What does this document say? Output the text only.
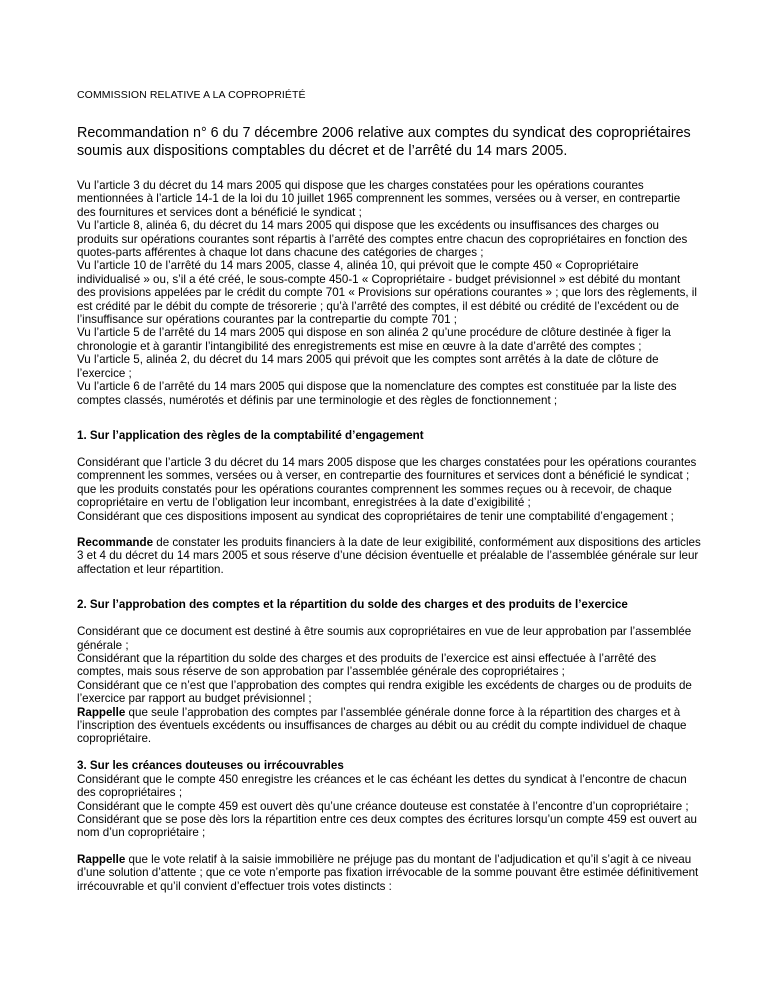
COMMISSION RELATIVE A LA COPROPRIÉTÉ
Recommandation n° 6 du 7 décembre 2006 relative aux comptes du syndicat des copropriétaires soumis aux dispositions comptables du décret et de l’arrêté du 14 mars 2005.

Vu l’article 3 du décret du 14 mars 2005 qui dispose que les charges constatées pour les opérations courantes mentionnées à l’article 14-1 de la loi du 10 juillet 1965 comprennent les sommes, versées ou à verser, en contrepartie des fournitures et services dont a bénéficié le syndicat ;

Vu l’article 8, alinéa 6, du décret du 14 mars 2005 qui dispose que les excédents ou insuffisances des charges ou produits sur opérations courantes sont répartis à l’arrêté des comptes entre chacun des copropriétaires en fonction des quotes-parts afférentes à chaque lot dans chacune des catégories de charges ;

Vu l’article 10 de l’arrêté du 14 mars 2005, classe 4, alinéa 10, qui prévoit que le compte 450 « Copropriétaire individualisé » ou, s’il a été créé, le sous-compte 450-1 « Copropriétaire - budget prévisionnel » est débité du montant des provisions appelées par le crédit du compte 701 « Provisions sur opérations courantes » ; que lors des règlements, il est crédité par le débit du compte de trésorerie ; qu’à l’arrêté des comptes, il est débité ou crédité de l’excédent ou de l’insuffisance sur opérations courantes par la contrepartie du compte 701 ;

Vu l’article 5 de l’arrêté du 14 mars 2005 qui dispose en son alinéa 2 qu’une procédure de clôture destinée à figer la chronologie et à garantir l’intangibilité des enregistrements est mise en œuvre à la date d’arrêté des comptes ;

Vu l’article 5, alinéa 2, du décret du 14 mars 2005 qui prévoit que les comptes sont arrêtés à la date de clôture de l’exercice ;

Vu l’article 6 de l’arrêté du 14 mars 2005 qui dispose que la nomenclature des comptes est constituée par la liste des comptes classés, numérotés et définis par une terminologie et des règles de fonctionnement ;

1. Sur l’application des règles de la comptabilité d’engagement

Considérant que l’article 3 du décret du 14 mars 2005 dispose que les charges constatées pour les opérations courantes comprennent les sommes, versées ou à verser, en contrepartie des fournitures et services dont a bénéficié le syndicat ; que les produits constatés pour les opérations courantes comprennent les sommes reçues ou à recevoir, de chaque copropriétaire en vertu de l’obligation leur incombant, enregistrées à la date d’exigibilité ;

Considérant que ces dispositions imposent au syndicat des copropriétaires de tenir une comptabilité d’engagement ;

Recommande de constater les produits financiers à la date de leur exigibilité, conformément aux dispositions des articles 3 et 4 du décret du 14 mars 2005 et sous réserve d’une décision éventuelle et préalable de l’assemblée générale sur leur affectation et leur répartition.

2. Sur l’approbation des comptes et la répartition du solde des charges et des produits de l’exercice

Considérant que ce document est destiné à être soumis aux copropriétaires en vue de leur approbation par l’assemblée générale ;

Considérant que la répartition du solde des charges et des produits de l’exercice est ainsi effectuée à l’arrêté des comptes, mais sous réserve de son approbation par l’assemblée générale des copropriétaires ;

Considérant que ce n’est que l’approbation des comptes qui rendra exigible les excédents de charges ou de produits de l’exercice par rapport au budget prévisionnel ;

Rappelle que seule l’approbation des comptes par l’assemblée générale donne force à la répartition des charges et à l’inscription des éventuels excédents ou insuffisances de charges au débit ou au crédit du compte individuel de chaque copropriétaire.

3. Sur les créances douteuses ou irrécouvrables

Considérant que le compte 450 enregistre les créances et le cas échéant les dettes du syndicat à l’encontre de chacun des copropriétaires ;

Considérant que le compte 459 est ouvert dès qu’une créance douteuse est constatée à l’encontre d’un copropriétaire ;

Considérant que se pose dès lors la répartition entre ces deux comptes des écritures lorsqu’un compte 459 est ouvert au nom d’un copropriétaire ;

Rappelle que le vote relatif à la saisie immobilière ne préjuge pas du montant de l’adjudication et qu’il s’agit à ce niveau d’une solution d’attente ; que ce vote n’emporte pas fixation irrévocable de la somme pouvant être estimée définitivement irrécouvrable et qu’il convient d’effectuer trois votes distincts :
